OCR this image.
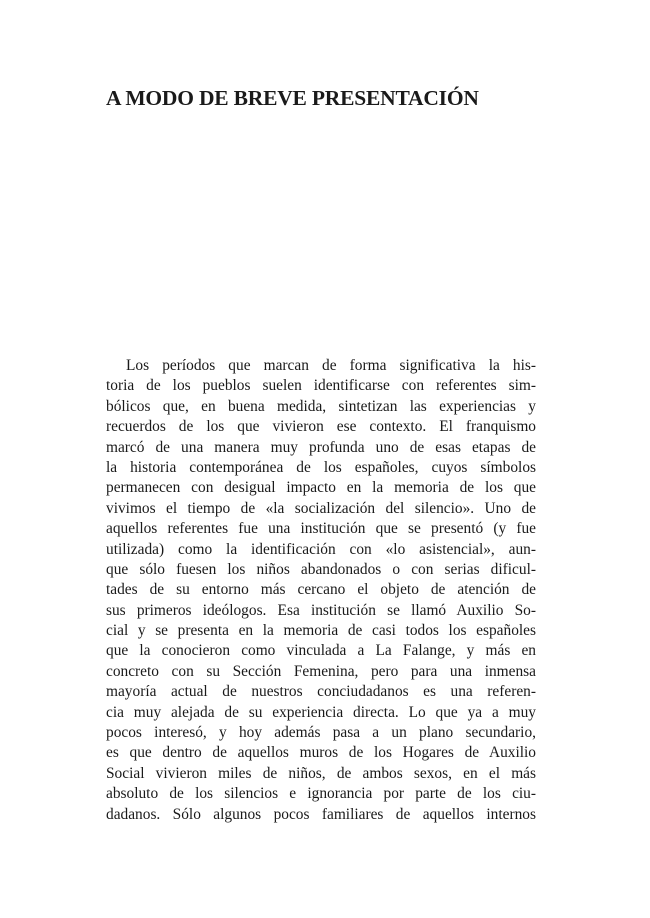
A MODO DE BREVE PRESENTACIÓN
Los períodos que marcan de forma significativa la his-
toria de los pueblos suelen identificarse con referentes sim-
bólicos que, en buena medida, sintetizan las experiencias y
recuerdos de los que vivieron ese contexto. El franquismo
marcó de una manera muy profunda uno de esas etapas de
la historia contemporánea de los españoles, cuyos símbolos
permanecen con desigual impacto en la memoria de los que
vivimos el tiempo de «la socialización del silencio». Uno de
aquellos referentes fue una institución que se presentó (y fue
utilizada) como la identificación con «lo asistencial», aun-
que sólo fuesen los niños abandonados o con serias dificul-
tades de su entorno más cercano el objeto de atención de
sus primeros ideólogos. Esa institución se llamó Auxilio So-
cial y se presenta en la memoria de casi todos los españoles
que la conocieron como vinculada a La Falange, y más en
concreto con su Sección Femenina, pero para una inmensa
mayoría actual de nuestros conciudadanos es una referen-
cia muy alejada de su experiencia directa. Lo que ya a muy
pocos interesó, y hoy además pasa a un plano secundario,
es que dentro de aquellos muros de los Hogares de Auxilio
Social vivieron miles de niños, de ambos sexos, en el más
absoluto de los silencios e ignorancia por parte de los ciu-
dadanos. Sólo algunos pocos familiares de aquellos internos
